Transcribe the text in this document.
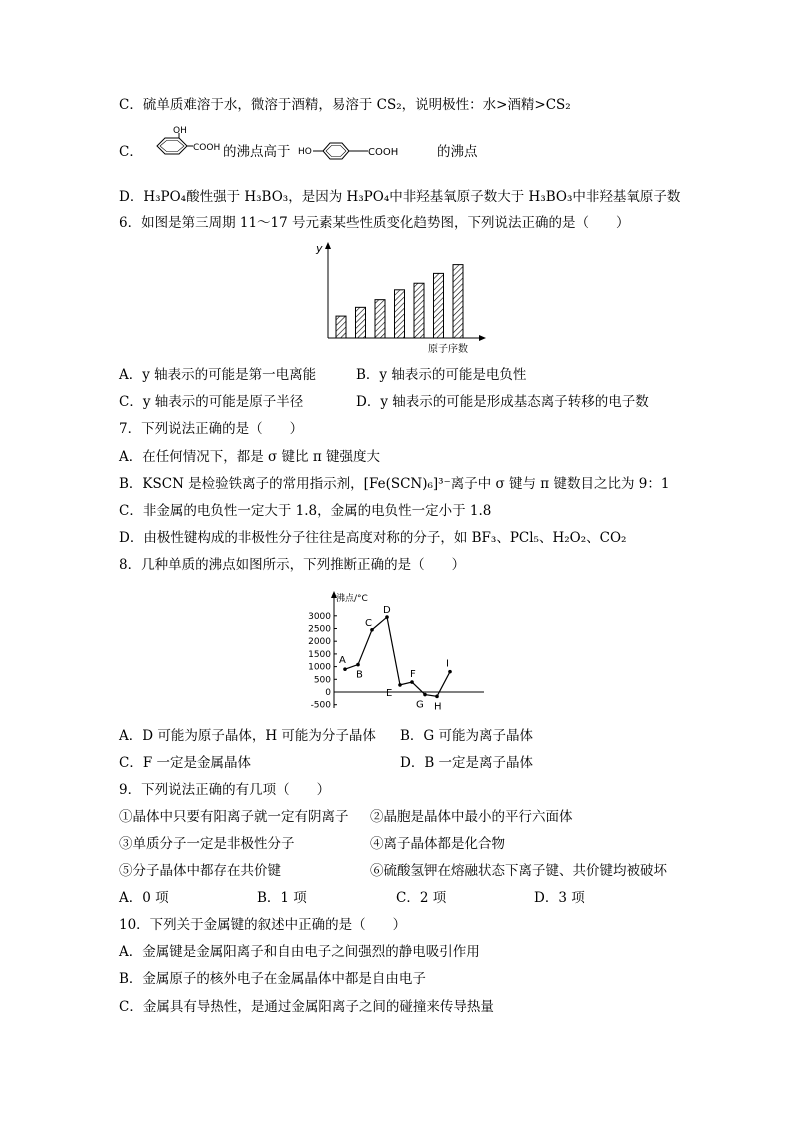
C．硫单质难溶于水，微溶于酒精，易溶于 CS₂，说明极性：水>酒精>CS₂
C．
OH
COOH 的沸点高于 HO	COOH	的沸点
D．H₃PO₄酸性强于 H₃BO₃，是因为 H₃PO₄中非羟基氧原子数大于 H₃BO₃中非羟基氧原子数
6．如图是第三周期 11～17 号元素某些性质变化趋势图，下列说法正确的是（　　）
y
原子序数
A．y 轴表示的可能是第一电离能	B．y 轴表示的可能是电负性
C．y 轴表示的可能是原子半径	D．y 轴表示的可能是形成基态离子转移的电子数
7．下列说法正确的是（　　）
A．在任何情况下，都是 σ 键比 π 键强度大
B．KSCN 是检验铁离子的常用指示剂，[Fe(SCN)₆]³⁻离子中 σ 键与 π 键数目之比为 9：1
C．非金属的电负性一定大于 1.8，金属的电负性一定小于 1.8
D．由极性键构成的非极性分子往往是高度对称的分子，如 BF₃、PCl₅、H₂O₂、CO₂
8．几种单质的沸点如图所示，下列推断正确的是（　　）
沸点/°C
3000
2500
2000
1500
1000
500
0
-500
A
B
C
D
E
F
G H
I
A．D 可能为原子晶体，H 可能为分子晶体 B．G 可能为离子晶体
C．F 一定是金属晶体	D．B 一定是离子晶体
9．下列说法正确的有几项（　　）
①晶体中只要有阳离子就一定有阴离子 ②晶胞是晶体中最小的平行六面体
③单质分子一定是非极性分子	④离子晶体都是化合物
⑤分子晶体中都存在共价键	⑥硫酸氢钾在熔融状态下离子键、共价键均被破坏
A．0 项	B．1 项	C．2 项	D．3 项
10．下列关于金属键的叙述中正确的是（　　）
A．金属键是金属阳离子和自由电子之间强烈的静电吸引作用
B．金属原子的核外电子在金属晶体中都是自由电子
C．金属具有导热性，是通过金属阳离子之间的碰撞来传导热量
